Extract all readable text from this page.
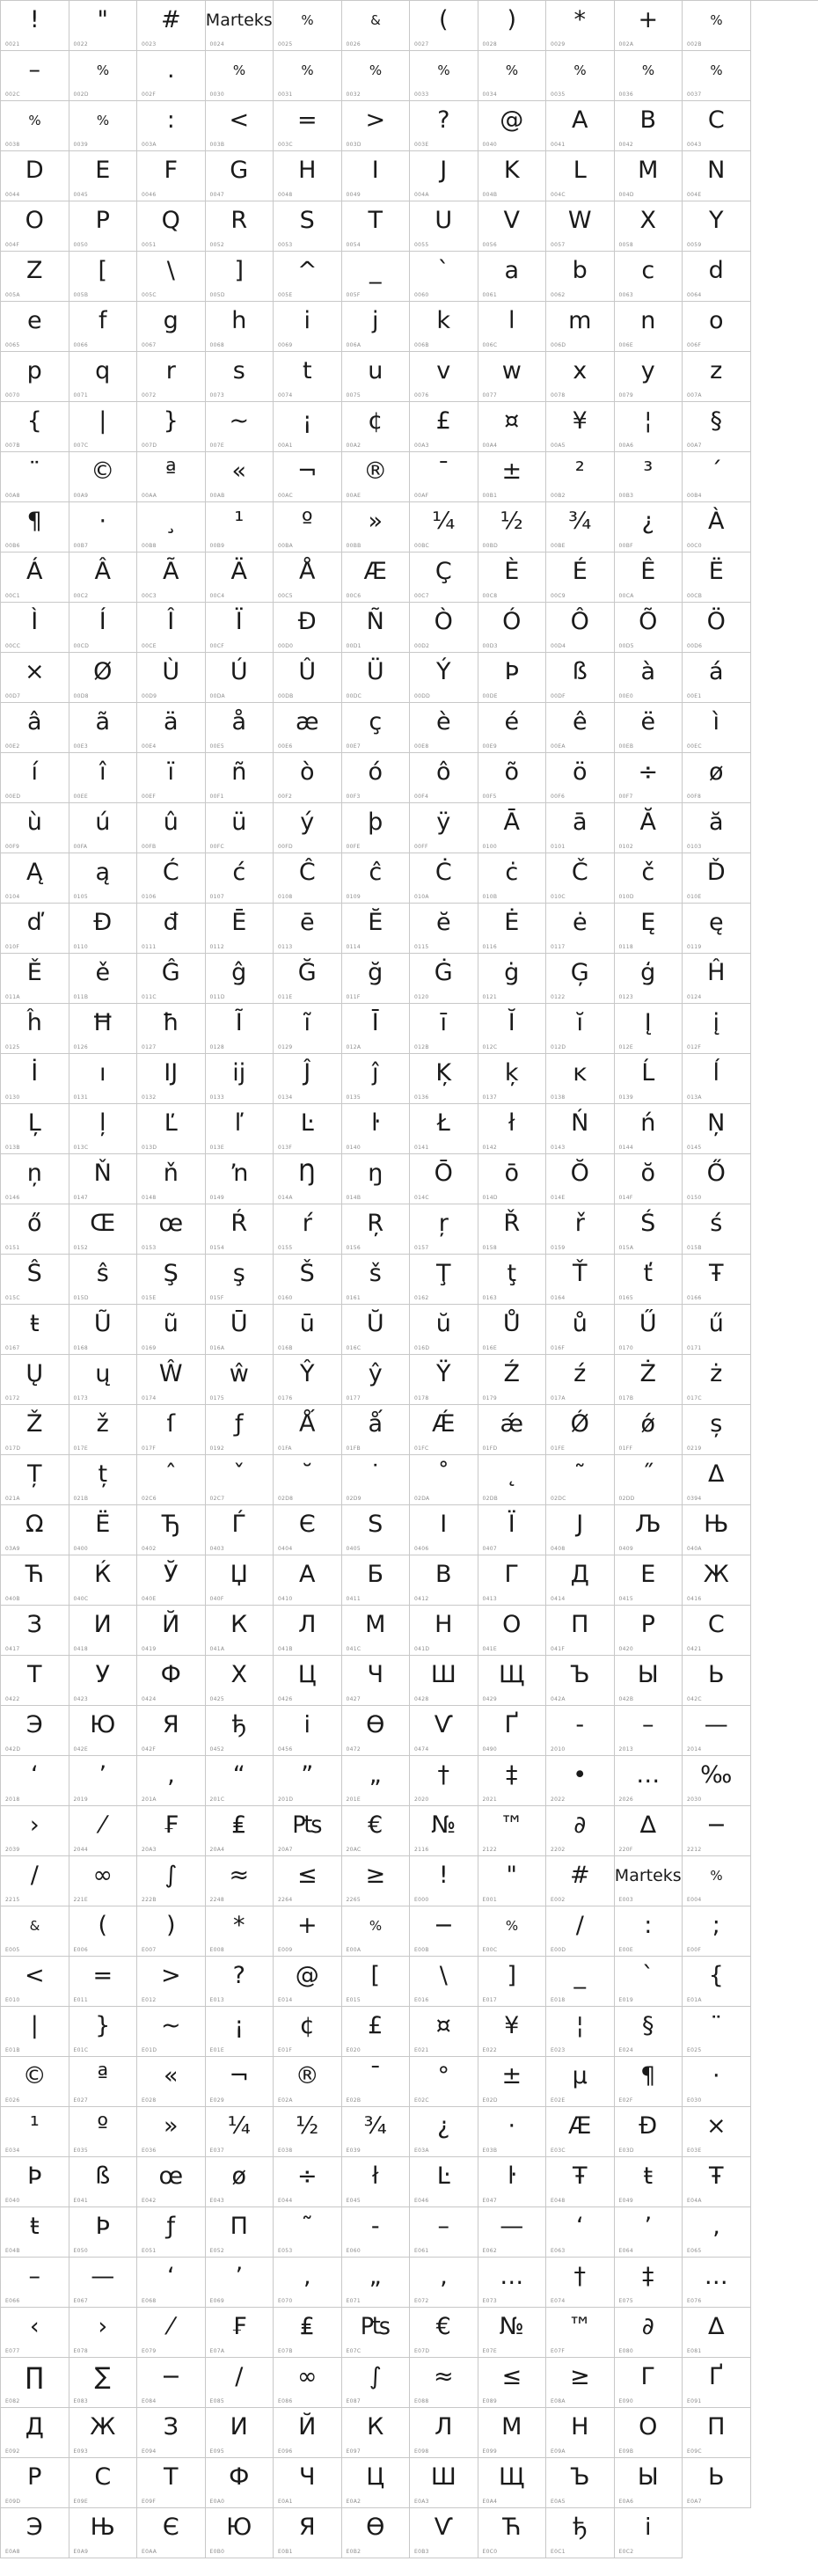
!
0021
"
0022
#
0023
Marteks
0024
%
0025
&
0026
(
0027
)
0028
*
0029
+
002A
%
002B
–
002C
%
002D
.
002F
%
0030
%
0031
%
0032
%
0033
%
0034
%
0035
%
0036
%
0037
%
0038
%
0039
:
003A
<
003B
=
003C
>
003D
?
003E
@
0040
A
0041
B
0042
C
0043
D
0044
E
0045
F
0046
G
0047
H
0048
I
0049
J
004A
K
004B
L
004C
M
004D
N
004E
O
004F
P
0050
Q
0051
R
0052
S
0053
T
0054
U
0055
V
0056
W
0057
X
0058
Y
0059
Z
005A
[
005B
\
005C
]
005D
^
005E
_
005F
`
0060
a
0061
b
0062
c
0063
d
0064
e
0065
f
0066
g
0067
h
0068
i
0069
j
006A
k
006B
l
006C
m
006D
n
006E
o
006F
p
0070
q
0071
r
0072
s
0073
t
0074
u
0075
v
0076
w
0077
x
0078
y
0079
z
007A
{
007B
|
007C
}
007D
~
007E
¡
00A1
¢
00A2
£
00A3
¤
00A4
¥
00A5
¦
00A6
§
00A7
¨
00A8
©
00A9
ª
00AA
«
00AB
¬
00AC
®
00AE
¯
00AF
±
00B1
²
00B2
³
00B3
´
00B4
¶
00B6
·
00B7
¸
00B8
¹
00B9
º
00BA
»
00BB
¼
00BC
½
00BD
¾
00BE
¿
00BF
À
00C0
Á
00C1
Â
00C2
Ã
00C3
Ä
00C4
Å
00C5
Æ
00C6
Ç
00C7
È
00C8
É
00C9
Ê
00CA
Ë
00CB
Ì
00CC
Í
00CD
Î
00CE
Ï
00CF
Ð
00D0
Ñ
00D1
Ò
00D2
Ó
00D3
Ô
00D4
Õ
00D5
Ö
00D6
×
00D7
Ø
00D8
Ù
00D9
Ú
00DA
Û
00DB
Ü
00DC
Ý
00DD
Þ
00DE
ß
00DF
à
00E0
á
00E1
â
00E2
ã
00E3
ä
00E4
å
00E5
æ
00E6
ç
00E7
è
00E8
é
00E9
ê
00EA
ë
00EB
ì
00EC
í
00ED
î
00EE
ï
00EF
ñ
00F1
ò
00F2
ó
00F3
ô
00F4
õ
00F5
ö
00F6
÷
00F7
ø
00F8
ù
00F9
ú
00FA
û
00FB
ü
00FC
ý
00FD
þ
00FE
ÿ
00FF
Ā
0100
ā
0101
Ă
0102
ă
0103
Ą
0104
ą
0105
Ć
0106
ć
0107
Ĉ
0108
ĉ
0109
Ċ
010A
ċ
010B
Č
010C
č
010D
Ď
010E
ď
010F
Đ
0110
đ
0111
Ē
0112
ē
0113
Ĕ
0114
ĕ
0115
Ė
0116
ė
0117
Ę
0118
ę
0119
Ě
011A
ě
011B
Ĝ
011C
ĝ
011D
Ğ
011E
ğ
011F
Ġ
0120
ġ
0121
Ģ
0122
ģ
0123
Ĥ
0124
ĥ
0125
Ħ
0126
ħ
0127
Ĩ
0128
ĩ
0129
Ī
012A
ī
012B
Ĭ
012C
ĭ
012D
Į
012E
į
012F
İ
0130
ı
0131
Ĳ
0132
ĳ
0133
Ĵ
0134
ĵ
0135
Ķ
0136
ķ
0137
ĸ
0138
Ĺ
0139
ĺ
013A
Ļ
013B
ļ
013C
Ľ
013D
ľ
013E
Ŀ
013F
ŀ
0140
Ł
0141
ł
0142
Ń
0143
ń
0144
Ņ
0145
ņ
0146
Ň
0147
ň
0148
ŉ
0149
Ŋ
014A
ŋ
014B
Ō
014C
ō
014D
Ŏ
014E
ŏ
014F
Ő
0150
ő
0151
Œ
0152
œ
0153
Ŕ
0154
ŕ
0155
Ŗ
0156
ŗ
0157
Ř
0158
ř
0159
Ś
015A
ś
015B
Ŝ
015C
ŝ
015D
Ş
015E
ş
015F
Š
0160
š
0161
Ţ
0162
ţ
0163
Ť
0164
ť
0165
Ŧ
0166
ŧ
0167
Ũ
0168
ũ
0169
Ū
016A
ū
016B
Ŭ
016C
ŭ
016D
Ů
016E
ů
016F
Ű
0170
ű
0171
Ų
0172
ų
0173
Ŵ
0174
ŵ
0175
Ŷ
0176
ŷ
0177
Ÿ
0178
Ź
0179
ź
017A
Ż
017B
ż
017C
Ž
017D
ž
017E
ſ
017F
ƒ
0192
Ǻ
01FA
ǻ
01FB
Ǽ
01FC
ǽ
01FD
Ǿ
01FE
ǿ
01FF
ș
0219
Ț
021A
ț
021B
ˆ
02C6
ˇ
02C7
˘
02D8
˙
02D9
˚
02DA
˛
02DB
˜
02DC
˝
02DD
Δ
0394
Ω
03A9
Ё
0400
Ђ
0402
Ѓ
0403
Є
0404
Ѕ
0405
І
0406
Ї
0407
Ј
0408
Љ
0409
Њ
040A
Ћ
040B
Ќ
040C
Ў
040E
Џ
040F
А
0410
Б
0411
В
0412
Г
0413
Д
0414
Е
0415
Ж
0416
З
0417
И
0418
Й
0419
К
041A
Л
041B
М
041C
Н
041D
О
041E
П
041F
Р
0420
С
0421
Т
0422
У
0423
Ф
0424
Х
0425
Ц
0426
Ч
0427
Ш
0428
Щ
0429
Ъ
042A
Ы
042B
Ь
042C
Э
042D
Ю
042E
Я
042F
ђ
0452
і
0456
Ѳ
0472
Ѵ
0474
Ґ
0490
‐
2010
–
2013
—
2014
‘
2018
’
2019
‚
201A
“
201C
”
201D
„
201E
†
2020
‡
2021
•
2022
…
2026
‰
2030
›
2039
⁄
2044
₣
20A3
₤
20A4
₧
20A7
€
20AC
№
2116
™
2122
∂
2202
∆
220F
−
2212
∕
2215
∞
221E
∫
222B
≈
2248
≤
2264
≥
2265
!
E000
"
E001
#
E002
Marteks
E003
%
E004
&
E005
(
E006
)
E007
*
E008
+
E009
%
E00A
−
E00B
%
E00C
/
E00D
:
E00E
;
E00F
<
E010
=
E011
>
E012
?
E013
@
E014
[
E015
\
E016
]
E017
_
E018
`
E019
{
E01A
|
E01B
}
E01C
~
E01D
¡
E01E
¢
E01F
£
E020
¤
E021
¥
E022
¦
E023
§
E024
¨
E025
©
E026
ª
E027
«
E028
¬
E029
®
E02A
¯
E02B
°
E02C
±
E02D
µ
E02E
¶
E02F
·
E030
¹
E034
º
E035
»
E036
¼
E037
½
E038
¾
E039
¿
E03A
·
E03B
Æ
E03C
Ð
E03D
×
E03E
Þ
E040
ß
E041
œ
E042
ø
E043
÷
E044
ł
E045
Ŀ
E046
ŀ
E047
Ŧ
E048
ŧ
E049
Ŧ
E04A
ŧ
E04B
Þ
E050
ƒ
E051
Π
E052
˜
E053
‐
E060
–
E061
—
E062
‘
E063
’
E064
‚
E065
–
E066
—
E067
‘
E068
’
E069
,
E070
„
E071
‚
E072
…
E073
†
E074
‡
E075
…
E076
‹
E077
›
E078
⁄
E079
₣
E07A
₤
E07B
₧
E07C
€
E07D
№
E07E
™
E07F
∂
E080
∆
E081
∏
E082
∑
E083
−
E084
∕
E085
∞
E086
∫
E087
≈
E088
≤
E089
≥
E08A
Г
E090
Ґ
E091
Д
E092
Ж
E093
З
E094
И
E095
Й
E096
К
E097
Л
E098
М
E099
Н
E09A
О
E09B
П
E09C
Р
E09D
С
E09E
Т
E09F
Ф
E0A0
Ч
E0A1
Ц
E0A2
Ш
E0A3
Щ
E0A4
Ъ
E0A5
Ы
E0A6
Ь
E0A7
Э
E0A8
Њ
E0A9
Є
E0AA
Ю
E0B0
Я
E0B1
Ѳ
E0B2
Ѵ
E0B3
Ћ
E0C0
ђ
E0C1
і
E0C2
